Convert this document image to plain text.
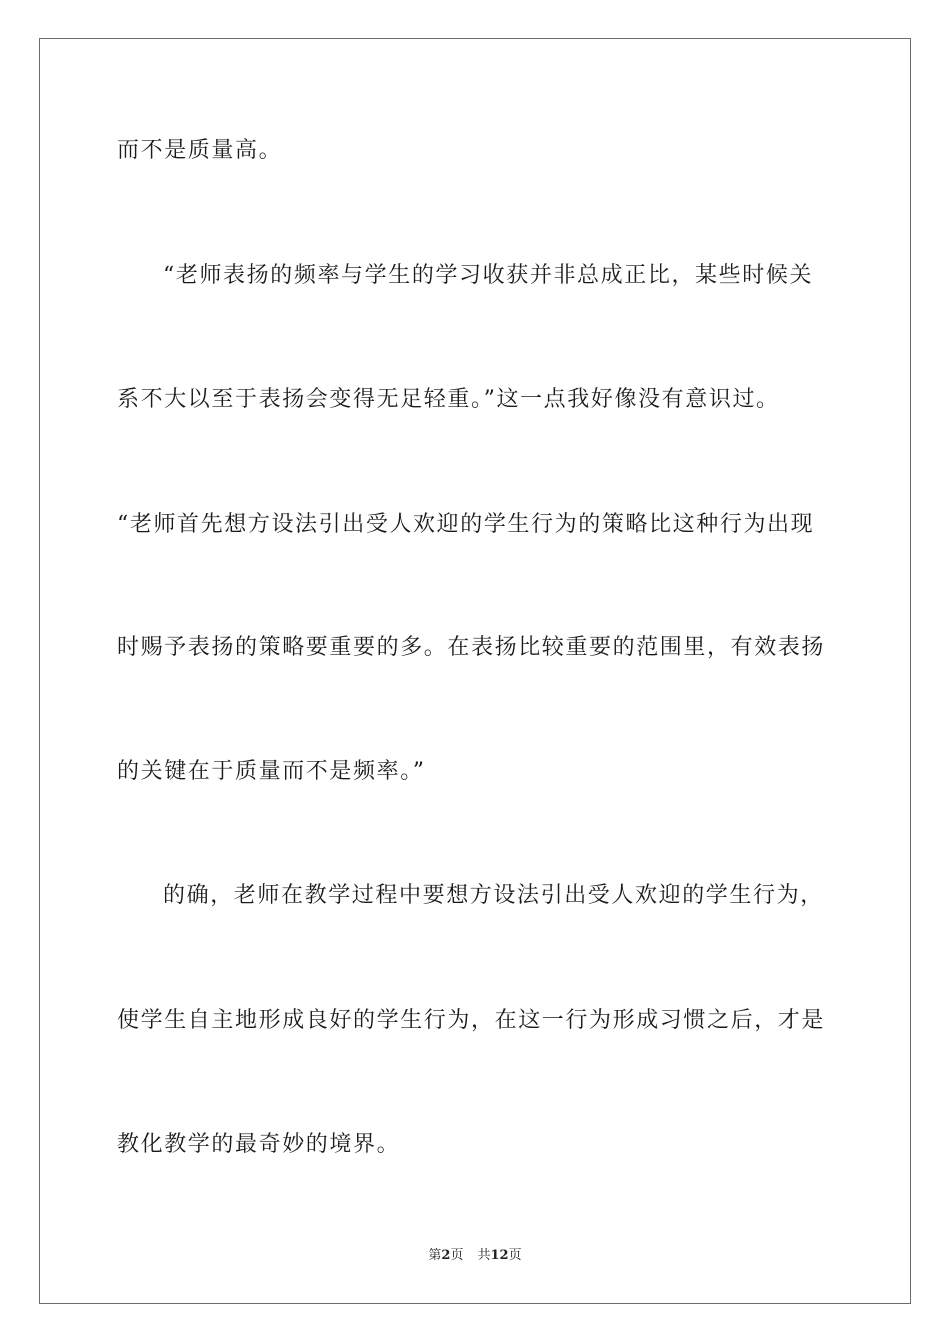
而不是质量高。
“老师表扬的频率与学生的学习收获并非总成正比，某些时候关
系不大以至于表扬会变得无足轻重。”这一点我好像没有意识过。
“老师首先想方设法引出受人欢迎的学生行为的策略比这种行为出现
时赐予表扬的策略要重要的多。在表扬比较重要的范围里，有效表扬
的关键在于质量而不是频率。”
的确，老师在教学过程中要想方设法引出受人欢迎的学生行为，
使学生自主地形成良好的学生行为，在这一行为形成习惯之后，才是
教化教学的最奇妙的境界。
第2页 共12页
